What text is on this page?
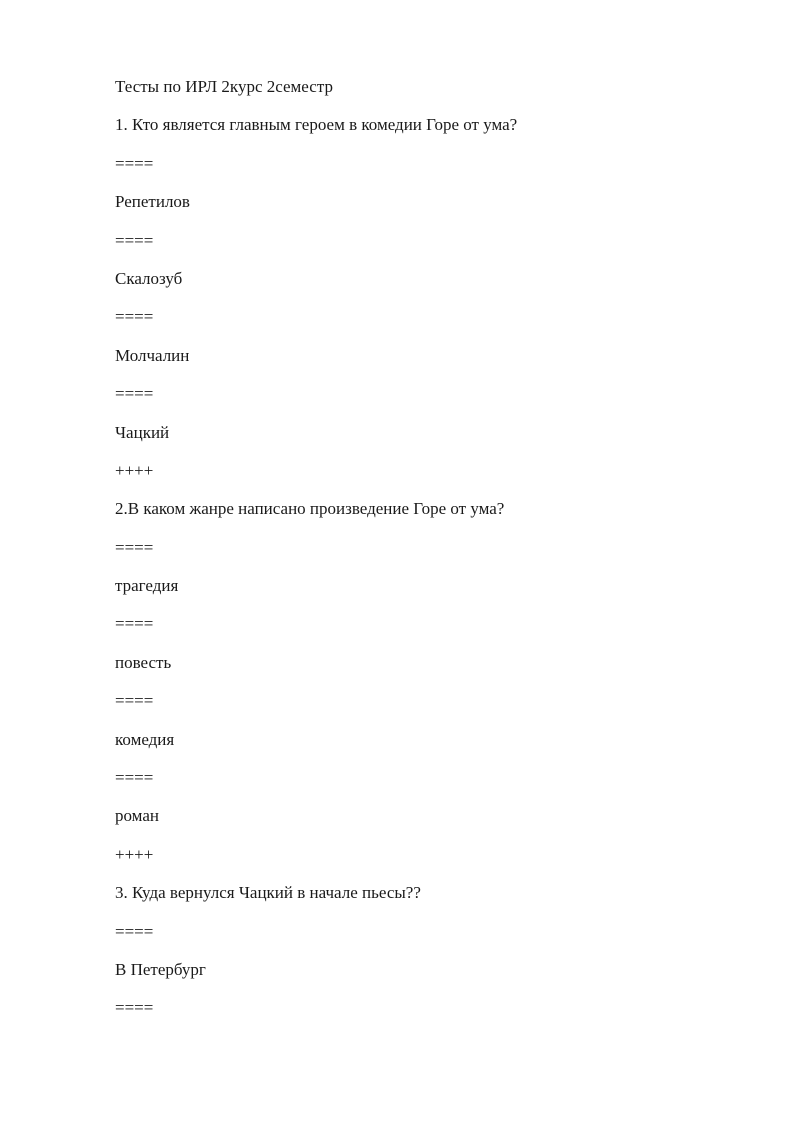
Тесты по ИРЛ 2курс 2семестр
1. Кто является главным героем в комедии Горе от ума?
====
Репетилов
====
Скалозуб
====
Молчалин
====
Чацкий
++++
2.В каком жанре написано произведение Горе от ума?
====
трагедия
====
повесть
====
комедия
====
роман
++++
3. Куда вернулся Чацкий в начале пьесы??
====
В Петербург
====
